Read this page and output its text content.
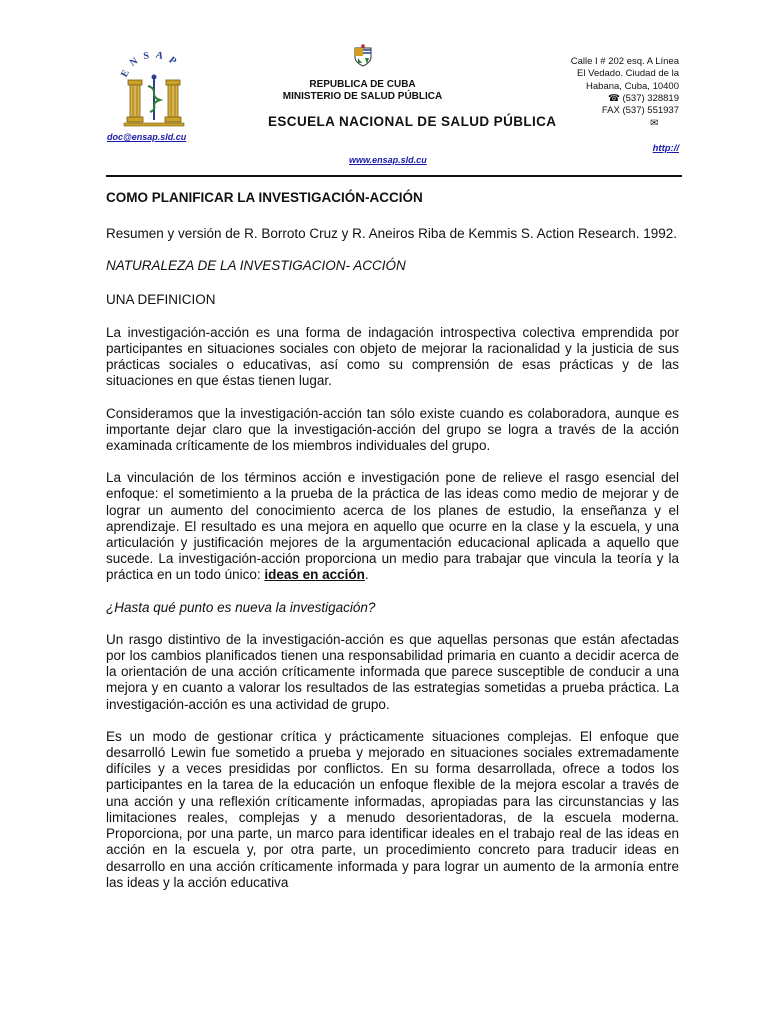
ENSAP
REPUBLICA DE CUBA
MINISTERIO DE SALUD PÚBLICA
Calle I # 202 esq. A Línea
El Vedado. Ciudad de la
Habana, Cuba, 10400
☎ (537) 328819
FAX (537) 551937
ESCUELA NACIONAL DE SALUD PÚBLICA	✉
doc@ensap.sld.cu
http://
www.ensap.sld.cu

COMO PLANIFICAR LA INVESTIGACIÓN-ACCIÓN

Resumen y versión de R. Borroto Cruz y R. Aneiros Riba de Kemmis S. Action Research. 1992.

NATURALEZA DE LA INVESTIGACION- ACCIÓN

UNA DEFINICION

La investigación-acción es una forma de indagación introspectiva colectiva emprendida por participantes en situaciones sociales con objeto de mejorar la racionalidad y la justicia de sus prácticas sociales o educativas, así como su comprensión de esas prácticas y de las situaciones en que éstas tienen lugar.

Consideramos que la investigación-acción tan sólo existe cuando es colaboradora, aunque es importante dejar claro que la investigación-acción del grupo se logra a través de la acción examinada críticamente de los miembros individuales del grupo.

La vinculación de los términos acción e investigación pone de relieve el rasgo esencial del enfoque: el sometimiento a la prueba de la práctica de las ideas como medio de mejorar y de lograr un aumento del conocimiento acerca de los planes de estudio, la enseñanza y el aprendizaje. El resultado es una mejora en aquello que ocurre en la clase y la escuela, y una articulación y justificación mejores de la argumentación educacional aplicada a aquello que sucede. La investigación-acción proporciona un medio para trabajar que vincula la teoría y la práctica en un todo único: ideas en acción.

¿Hasta qué punto es nueva la investigación?

Un rasgo distintivo de la investigación-acción es que aquellas personas que están afectadas por los cambios planificados tienen una responsabilidad primaria en cuanto a decidir acerca de la orientación de una acción críticamente informada que parece susceptible de conducir a una mejora y en cuanto a valorar los resultados de las estrategias sometidas a prueba práctica. La investigación-acción es una actividad de grupo.

Es un modo de gestionar crítica y prácticamente situaciones complejas. El enfoque que desarrolló Lewin fue sometido a prueba y mejorado en situaciones sociales extremadamente difíciles y a veces presididas por conflictos. En su forma desarrollada, ofrece a todos los participantes en la tarea de la educación un enfoque flexible de la mejora escolar a través de una acción y una reflexión críticamente informadas, apropiadas para las circunstancias y las limitaciones reales, complejas y a menudo desorientadoras, de la escuela moderna. Proporciona, por una parte, un marco para identificar ideales en el trabajo real de las ideas en acción en la escuela y, por otra parte, un procedimiento concreto para traducir ideas en desarrollo en una acción críticamente informada y para lograr un aumento de la armonía entre las ideas y la acción educativa
